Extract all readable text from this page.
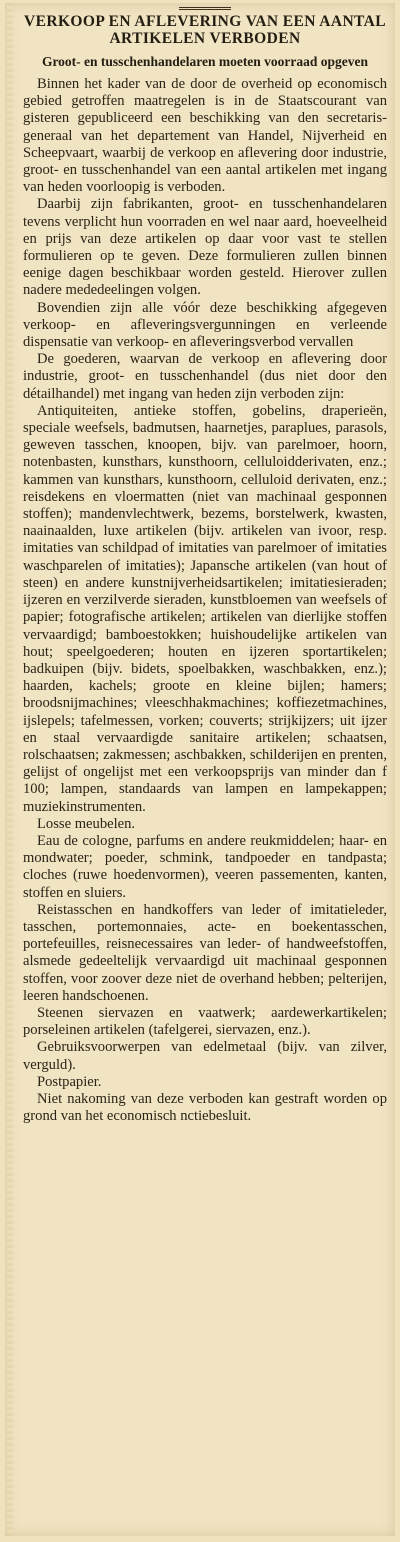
VERKOOP EN AFLEVERING VAN EEN AANTAL ARTIKELEN VERBODEN
Groot- en tusschenhandelaren moeten voorraad opgeven

Binnen het kader van de door de overheid op economisch gebied getroffen maatregelen is in de Staatscourant van gisteren gepubliceerd een beschikking van den secretaris-generaal van het departement van Handel, Nijverheid en Scheepvaart, waarbij de verkoop en aflevering door industrie, groot- en tusschenhandel van een aantal artikelen met ingang van heden voorloopig is verboden.

Daarbij zijn fabrikanten, groot- en tusschenhandelaren tevens verplicht hun voorraden en wel naar aard, hoeveelheid en prijs van deze artikelen op daar voor vast te stellen formulieren op te geven. Deze formulieren zullen binnen eenige dagen beschikbaar worden gesteld. Hierover zullen nadere mededeelingen volgen.

Bovendien zijn alle vóór deze beschikking afgegeven verkoop- en afleveringsvergunningen en verleende dispensatie van verkoop- en afleveringsverbod vervallen

De goederen, waarvan de verkoop en aflevering door industrie, groot- en tusschenhandel (dus niet door den détailhandel) met ingang van heden zijn verboden zijn:

Antiquiteiten, antieke stoffen, gobelins, draperieën, speciale weefsels, badmutsen, haarnetjes, paraplues, parasols, geweven tasschen, knoopen, bijv. van parelmoer, hoorn, notenbasten, kunsthars, kunsthoorn, celluloidderivaten, enz.; kammen van kunsthars, kunsthoorn, celluloid derivaten, enz.; reisdekens en vloermatten (niet van machinaal gesponnen stoffen); mandenvlechtwerk, bezems, borstelwerk, kwasten, naainaalden, luxe artikelen (bijv. artikelen van ivoor, resp. imitaties van schildpad of imitaties van parelmoer of imitaties waschparelen of imitaties); Japansche artikelen (van hout of steen) en andere kunstnijverheidsartikelen; imitatiesieraden; ijzeren en verzilverde sieraden, kunstbloemen van weefsels of papier; fotografische artikelen; artikelen van dierlijke stoffen vervaardigd; bamboestokken; huishoudelijke artikelen van hout; speelgoederen; houten en ijzeren sportartikelen; badkuipen (bijv. bidets, spoelbakken, waschbakken, enz.); haarden, kachels; groote en kleine bijlen; hamers; broodsnijmachines; vleeschhakmachines; koffiezetmachines, ijslepels; tafelmessen, vorken; couverts; strijkijzers; uit ijzer en staal vervaardigde sanitaire artikelen; schaatsen, rolschaatsen; zakmessen; aschbakken, schilderijen en prenten, gelijst of ongelijst met een verkoopsprijs van minder dan f 100; lampen, standaards van lampen en lampekappen; muziekinstrumenten.

Losse meubelen.

Eau de cologne, parfums en andere reukmiddelen; haar- en mondwater; poeder, schmink, tandpoeder en tandpasta; cloches (ruwe hoedenvormen), veeren passementen, kanten, stoffen en sluiers.

Reistasschen en handkoffers van leder of imitatieleder, tasschen, portemonnaies, acte- en boekentasschen, portefeuilles, reisnecessaires van leder- of handweefstoffen, alsmede gedeeltelijk vervaardigd uit machinaal gesponnen stoffen, voor zoover deze niet de overhand hebben; pelterijen, leeren handschoenen.

Steenen siervazen en vaatwerk; aardewerkartikelen; porseleinen artikelen (tafelgerei, siervazen, enz.).

Gebruiksvoorwerpen van edelmetaal (bijv. van zilver, verguld).

Postpapier.

Niet nakoming van deze verboden kan gestraft worden op grond van het economisch nctiebesluit.
